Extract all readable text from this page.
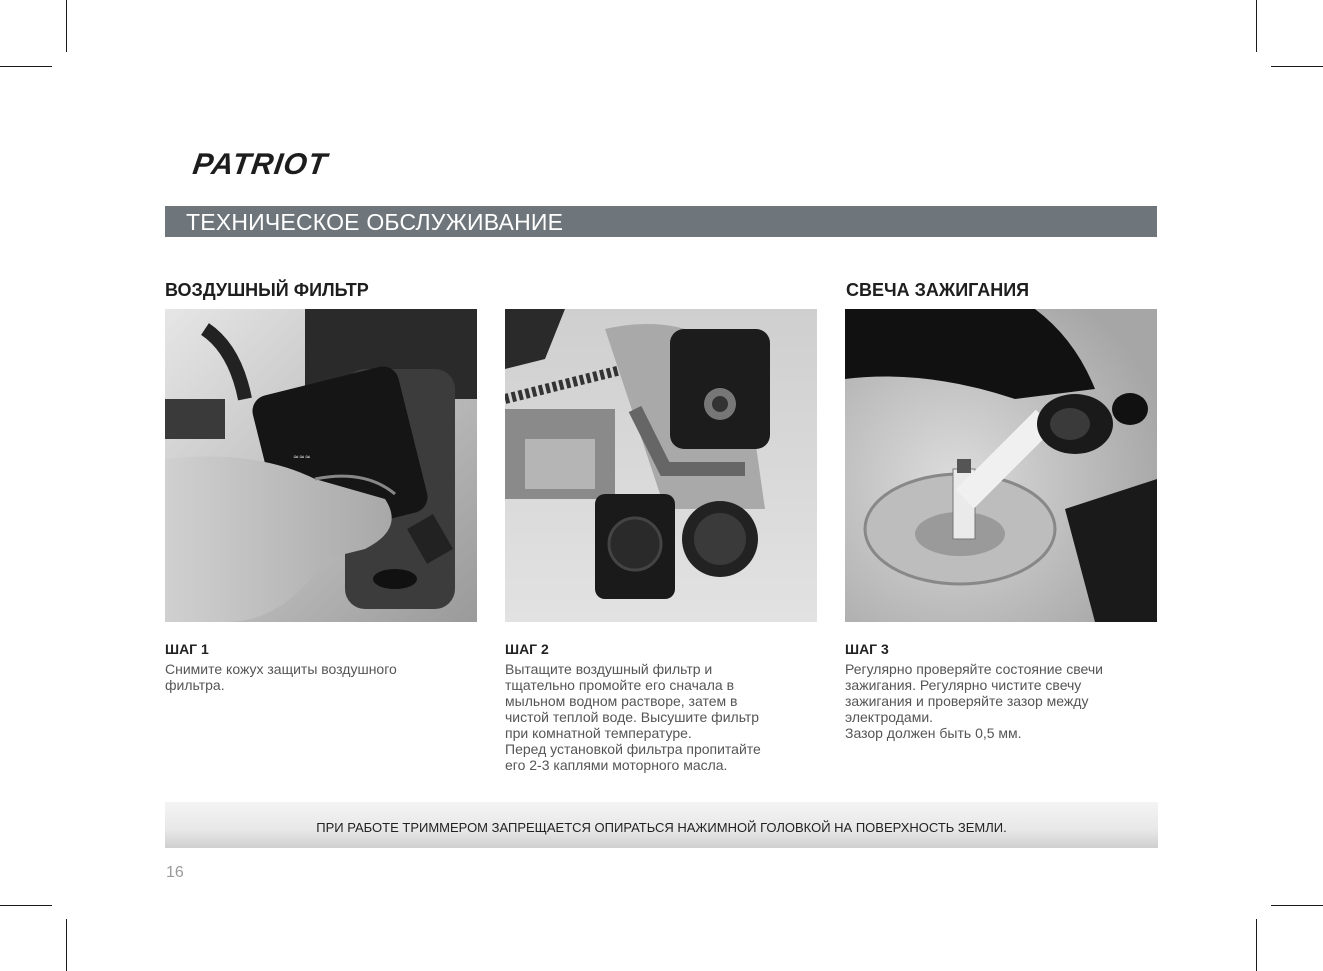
PATRIOT
ТЕХНИЧЕСКОЕ ОБСЛУЖИВАНИЕ
ВОЗДУШНЫЙ ФИЛЬТР	СВЕЧА ЗАЖИГАНИЯ
≈≈≈
ШАГ 1
Снимите кожух защиты воздушного
фильтра.
ШАГ 2
Вытащите воздушный фильтр и
тщательно промойте его сначала в
мыльном водном растворе, затем в
чистой теплой воде. Высушите фильтр
при комнатной температуре.
Перед установкой фильтра пропитайте
его 2-3 каплями моторного масла.
ШАГ 3
Регулярно проверяйте состояние свечи
зажигания. Регулярно чистите свечу
зажигания и проверяйте зазор между
электродами.
Зазор должен быть 0,5 мм.
ПРИ РАБОТЕ ТРИММЕРОМ ЗАПРЕЩАЕТСЯ ОПИРАТЬСЯ НАЖИМНОЙ ГОЛОВКОЙ НА ПОВЕРХНОСТЬ ЗЕМЛИ.
16
